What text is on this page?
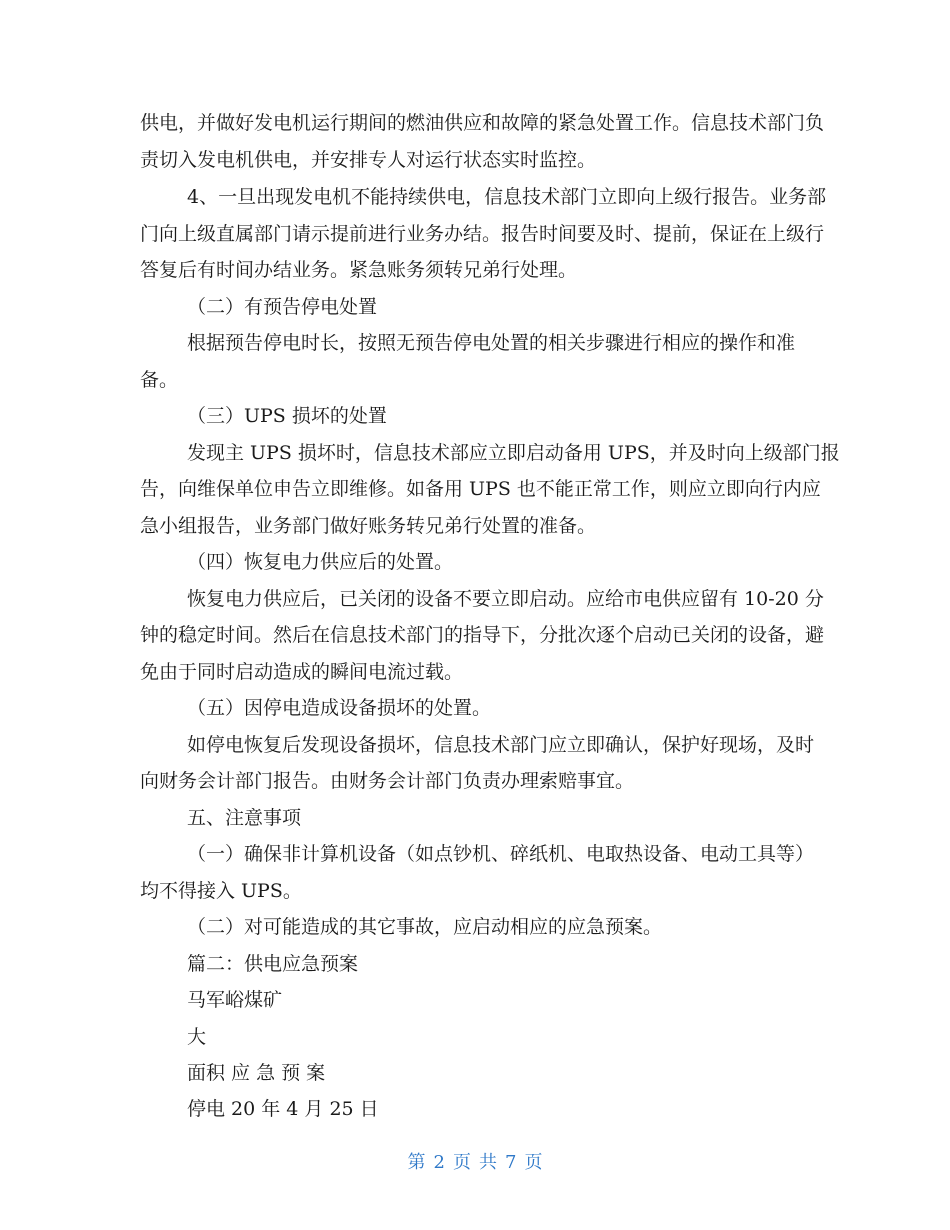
供电，并做好发电机运行期间的燃油供应和故障的紧急处置工作。信息技术部门负
责切入发电机供电，并安排专人对运行状态实时监控。
4、一旦出现发电机不能持续供电，信息技术部门立即向上级行报告。业务部
门向上级直属部门请示提前进行业务办结。报告时间要及时、提前，保证在上级行
答复后有时间办结业务。紧急账务须转兄弟行处理。
（二）有预告停电处置
根据预告停电时长，按照无预告停电处置的相关步骤进行相应的操作和准
备。
（三）UPS 损坏的处置
发现主 UPS 损坏时，信息技术部应立即启动备用 UPS，并及时向上级部门报
告，向维保单位申告立即维修。如备用 UPS 也不能正常工作，则应立即向行内应
急小组报告，业务部门做好账务转兄弟行处置的准备。
（四）恢复电力供应后的处置。
恢复电力供应后，已关闭的设备不要立即启动。应给市电供应留有 10-20 分
钟的稳定时间。然后在信息技术部门的指导下，分批次逐个启动已关闭的设备，避
免由于同时启动造成的瞬间电流过载。
（五）因停电造成设备损坏的处置。
如停电恢复后发现设备损坏，信息技术部门应立即确认，保护好现场，及时
向财务会计部门报告。由财务会计部门负责办理索赔事宜。
五、注意事项
（一）确保非计算机设备（如点钞机、碎纸机、电取热设备、电动工具等）
均不得接入 UPS。
（二）对可能造成的其它事故，应启动相应的应急预案。
篇二：供电应急预案
马军峪煤矿
大
面积 应 急 预 案
停电 20 年 4 月 25 日
第 2 页 共 7 页
